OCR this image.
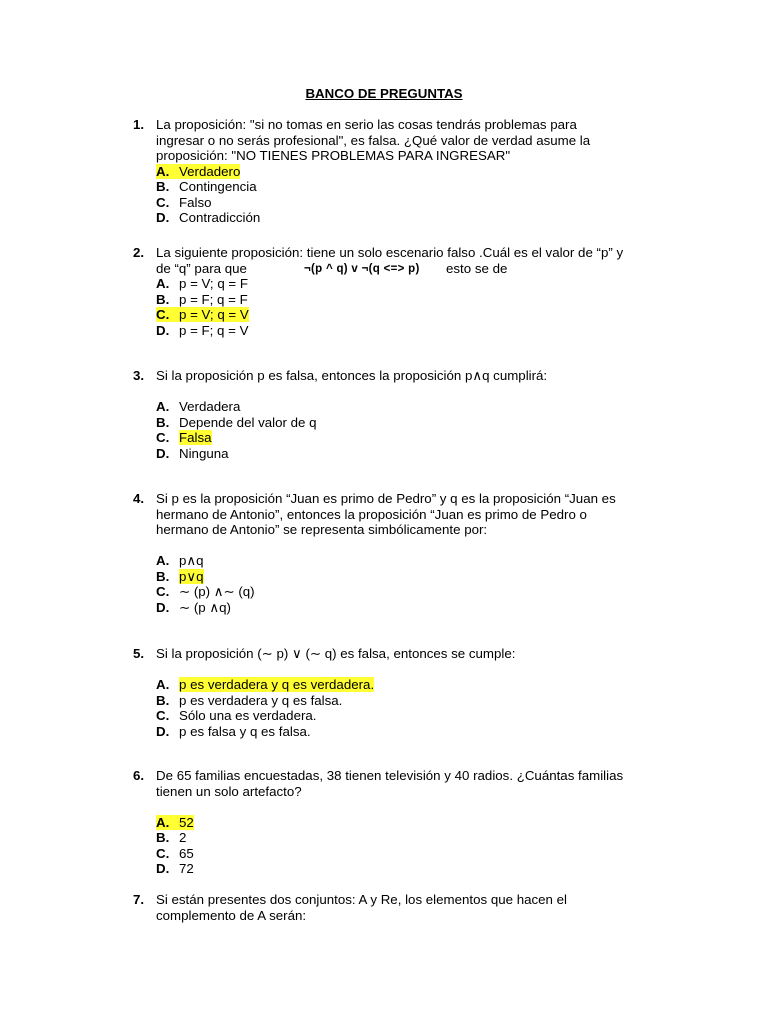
BANCO DE PREGUNTAS
1. La proposición: "si no tomas en serio las cosas tendrás problemas para
ingresar o no serás profesional", es falsa. ¿Qué valor de verdad asume la
proposición: "NO TIENES PROBLEMAS PARA INGRESAR"
A. Verdadero
B. Contingencia
C. Falso
D. Contradicción
2. La siguiente proposición: tiene un solo escenario falso .Cuál es el valor de “p” y
de “q” para que	¬(p ^ q) v ¬(q <=> p) esto se de
A. p = V; q = F
B. p = F; q = F
C. p = V; q = V
D. p = F; q = V
3. Si la proposición p es falsa, entonces la proposición p∧q cumplirá:
A. Verdadera
B. Depende del valor de q
C. Falsa
D. Ninguna
4. Si p es la proposición “Juan es primo de Pedro” y q es la proposición “Juan es
hermano de Antonio”, entonces la proposición “Juan es primo de Pedro o
hermano de Antonio” se representa simbólicamente por:
A. p∧q
B. p∨q
C. ∼ (p) ∧∼ (q)
D. ∼ (p ∧q)
5. Si la proposición (∼ p) ∨ (∼ q) es falsa, entonces se cumple:
A. p es verdadera y q es verdadera.
B. p es verdadera y q es falsa.
C. Sólo una es verdadera.
D. p es falsa y q es falsa.
6. De 65 familias encuestadas, 38 tienen televisión y 40 radios. ¿Cuántas familias
tienen un solo artefacto?
A. 52
B. 2
C. 65
D. 72
7. Si están presentes dos conjuntos: A y Re, los elementos que hacen el
complemento de A serán:
